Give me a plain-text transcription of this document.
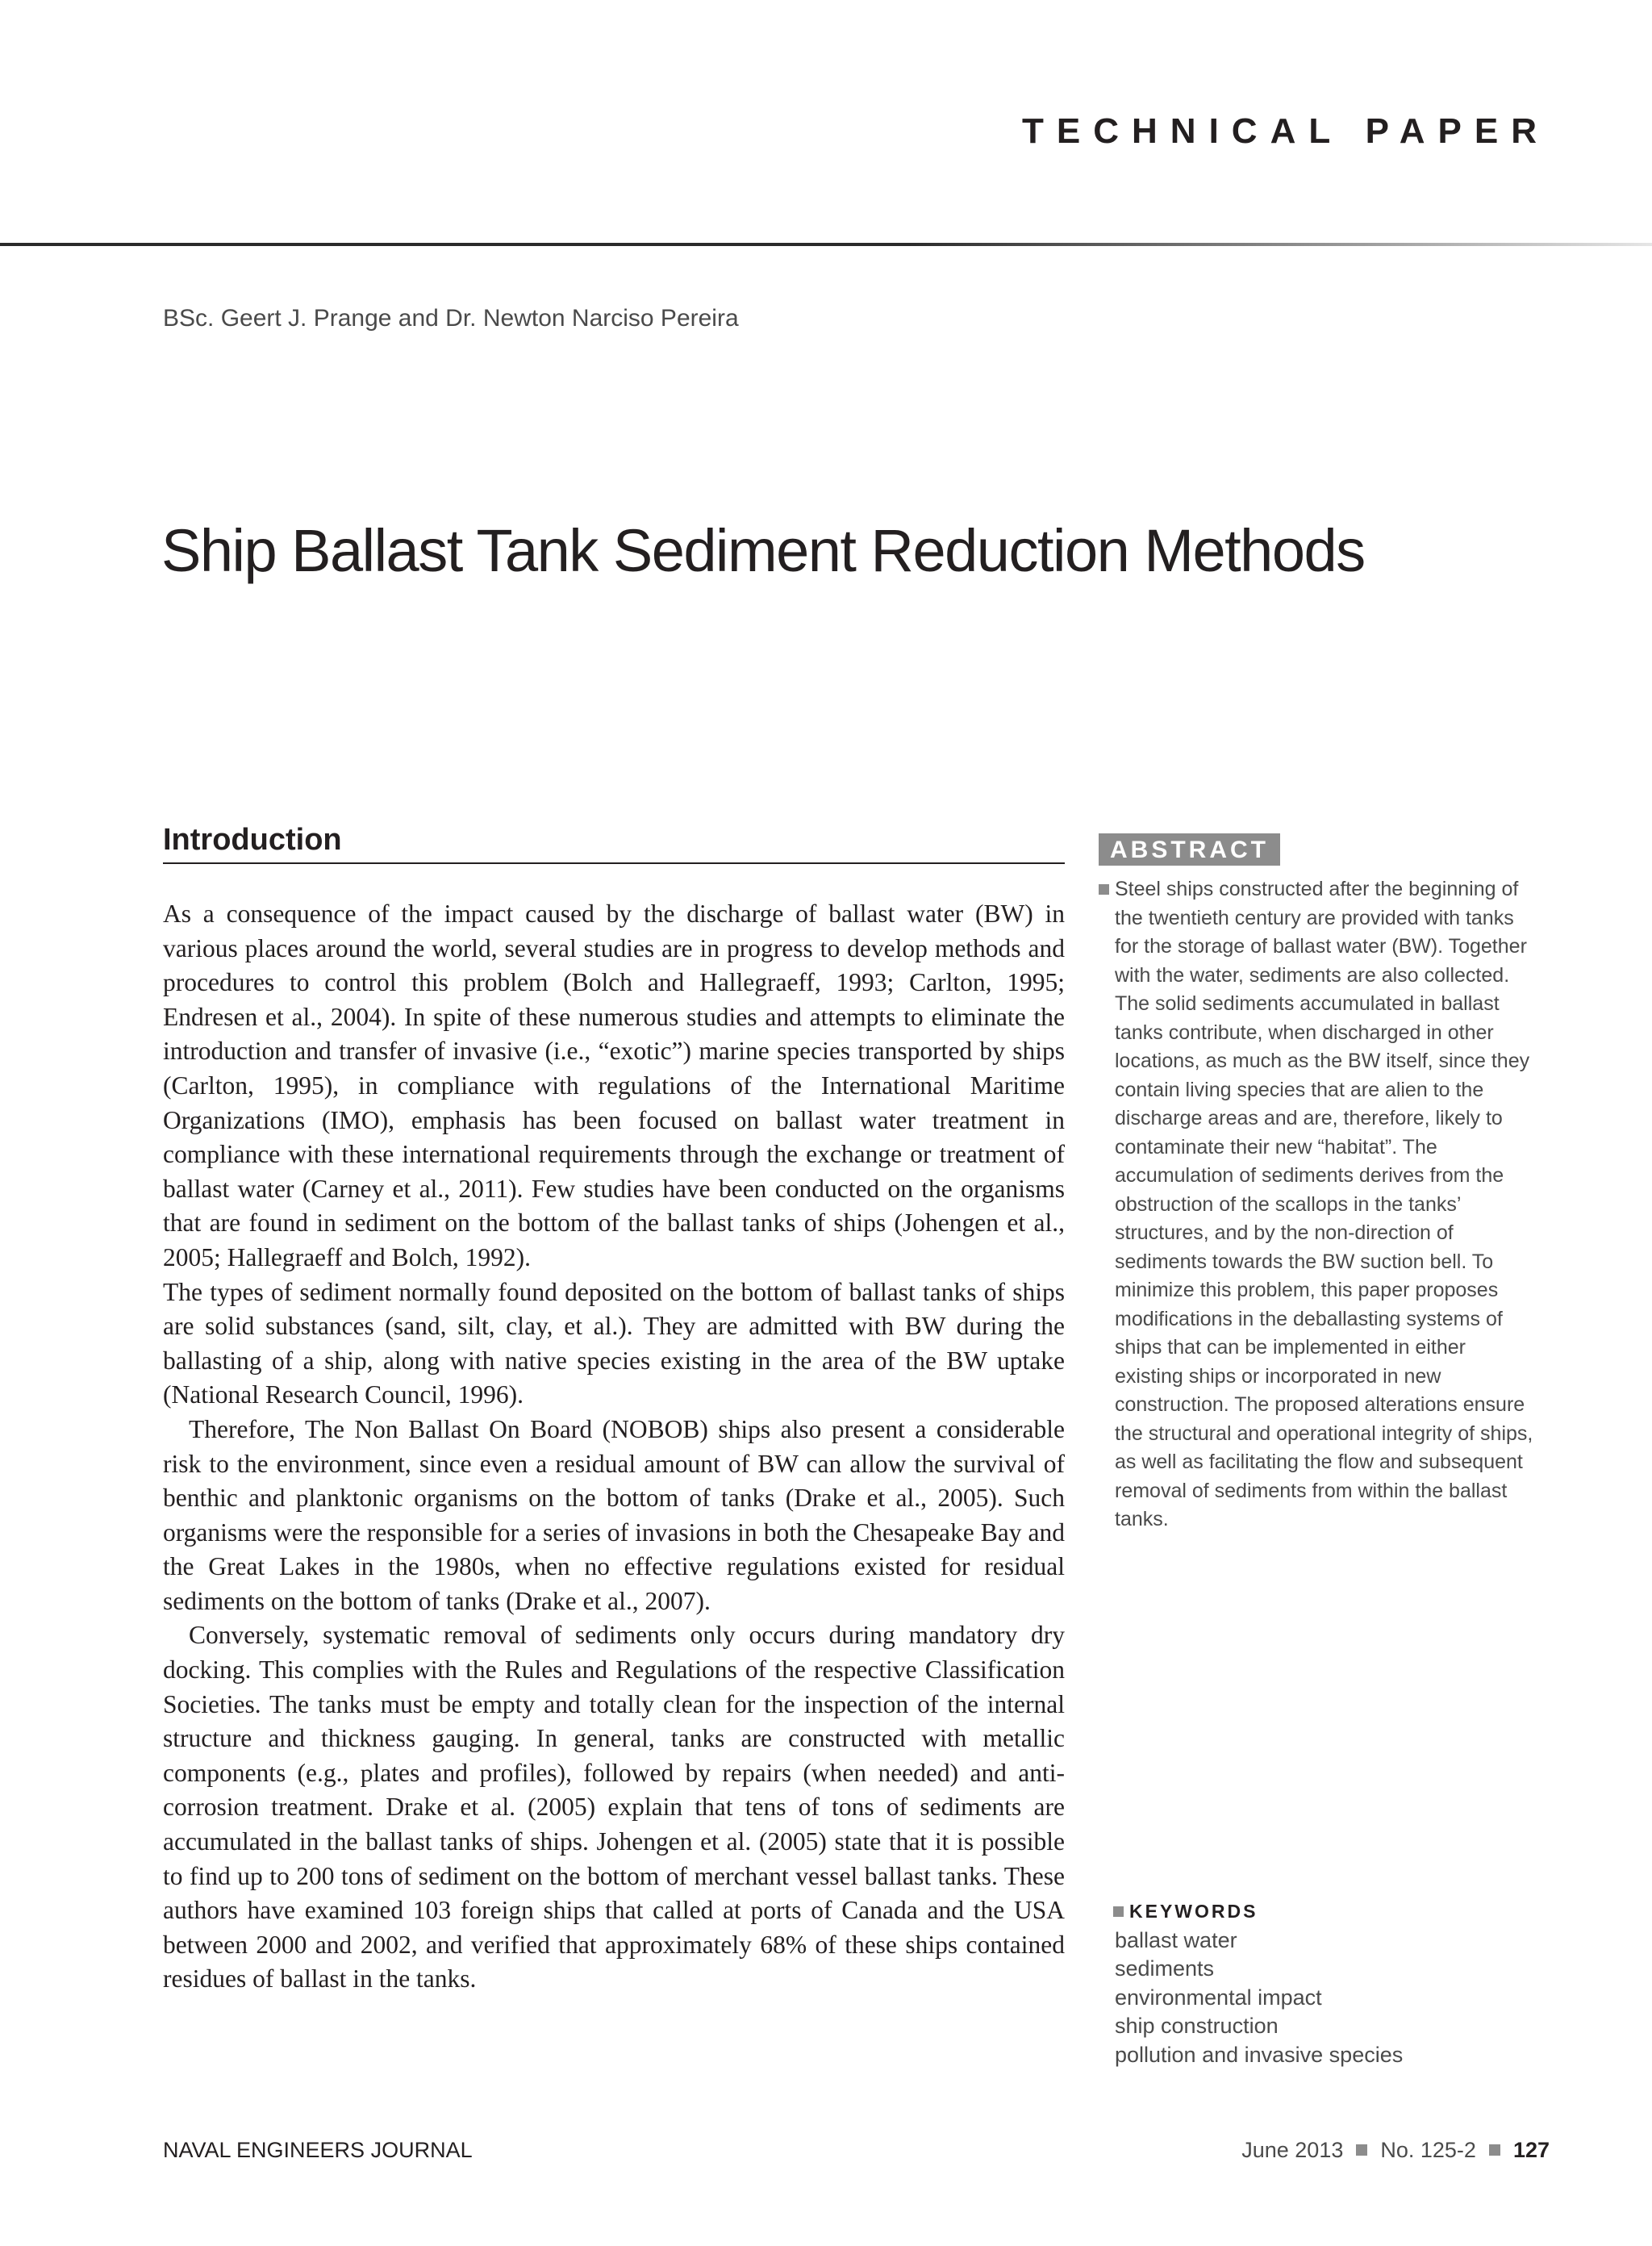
TECHNICAL PAPER
BSc. Geert J. Prange and Dr. Newton Narciso Pereira
Ship Ballast Tank Sediment Reduction Methods
Introduction

As a consequence of the impact caused by the discharge of ballast water (BW) in various places around the world, several studies are in progress to develop methods and procedures to control this problem (Bolch and Hallegraeff, 1993; Carlton, 1995; Endresen et al., 2004). In spite of these numerous studies and attempts to eliminate the introduction and transfer of invasive (i.e., “exotic”) marine species transported by ships (Carlton, 1995), in compliance with regulations of the International Maritime Organizations (IMO), emphasis has been focused on ballast water treatment in compliance with these international requirements through the exchange or treatment of ballast water (Carney et al., 2011). Few studies have been conducted on the organisms that are found in sediment on the bottom of the ballast tanks of ships (Johengen et al., 2005; Hallegraeff and Bolch, 1992).

The types of sediment normally found deposited on the bottom of ballast tanks of ships are solid substances (sand, silt, clay, et al.). They are admitted with BW during the ballasting of a ship, along with native species existing in the area of the BW uptake (National Research Council, 1996).

Therefore, The Non Ballast On Board (NOBOB) ships also present a considerable risk to the environment, since even a residual amount of BW can allow the survival of benthic and planktonic organisms on the bottom of tanks (Drake et al., 2005). Such organisms were the responsible for a series of invasions in both the Chesapeake Bay and the Great Lakes in the 1980s, when no effective regulations existed for residual sediments on the bottom of tanks (Drake et al., 2007).

Conversely, systematic removal of sediments only occurs during mandatory dry docking. This complies with the Rules and Regulations of the respective Classification Societies. The tanks must be empty and totally clean for the inspection of the internal structure and thickness gauging. In general, tanks are constructed with metallic components (e.g., plates and profiles), followed by repairs (when needed) and anti-corrosion treatment. Drake et al. (2005) explain that tens of tons of sediments are accumulated in the ballast tanks of ships. Johengen et al. (2005) state that it is possible to find up to 200 tons of sediment on the bottom of merchant vessel ballast tanks. These authors have examined 103 foreign ships that called at ports of Canada and the USA between 2000 and 2002, and verified that approximately 68% of these ships contained residues of ballast in the tanks.

ABSTRACT
Steel ships constructed after the beginning of the twentieth century are provided with tanks for the storage of ballast water (BW). Together with the water, sediments are also collected. The solid sediments accumulated in ballast tanks contribute, when discharged in other locations, as much as the BW itself, since they contain living species that are alien to the discharge areas and are, therefore, likely to contaminate their new “habitat”. The accumulation of sediments derives from the obstruction of the scallops in the tanks’ structures, and by the non-direction of sediments towards the BW suction bell. To minimize this problem, this paper proposes modifications in the deballasting systems of ships that can be implemented in either existing ships or incorporated in new construction. The proposed alterations ensure the structural and operational integrity of ships, as well as facilitating the flow and subsequent removal of sediments from within the ballast tanks.
KEYWORDS
ballast water
sediments
environmental impact
ship construction
pollution and invasive species
NAVAL ENGINEERS JOURNAL	June 2013 No. 125-2 127
